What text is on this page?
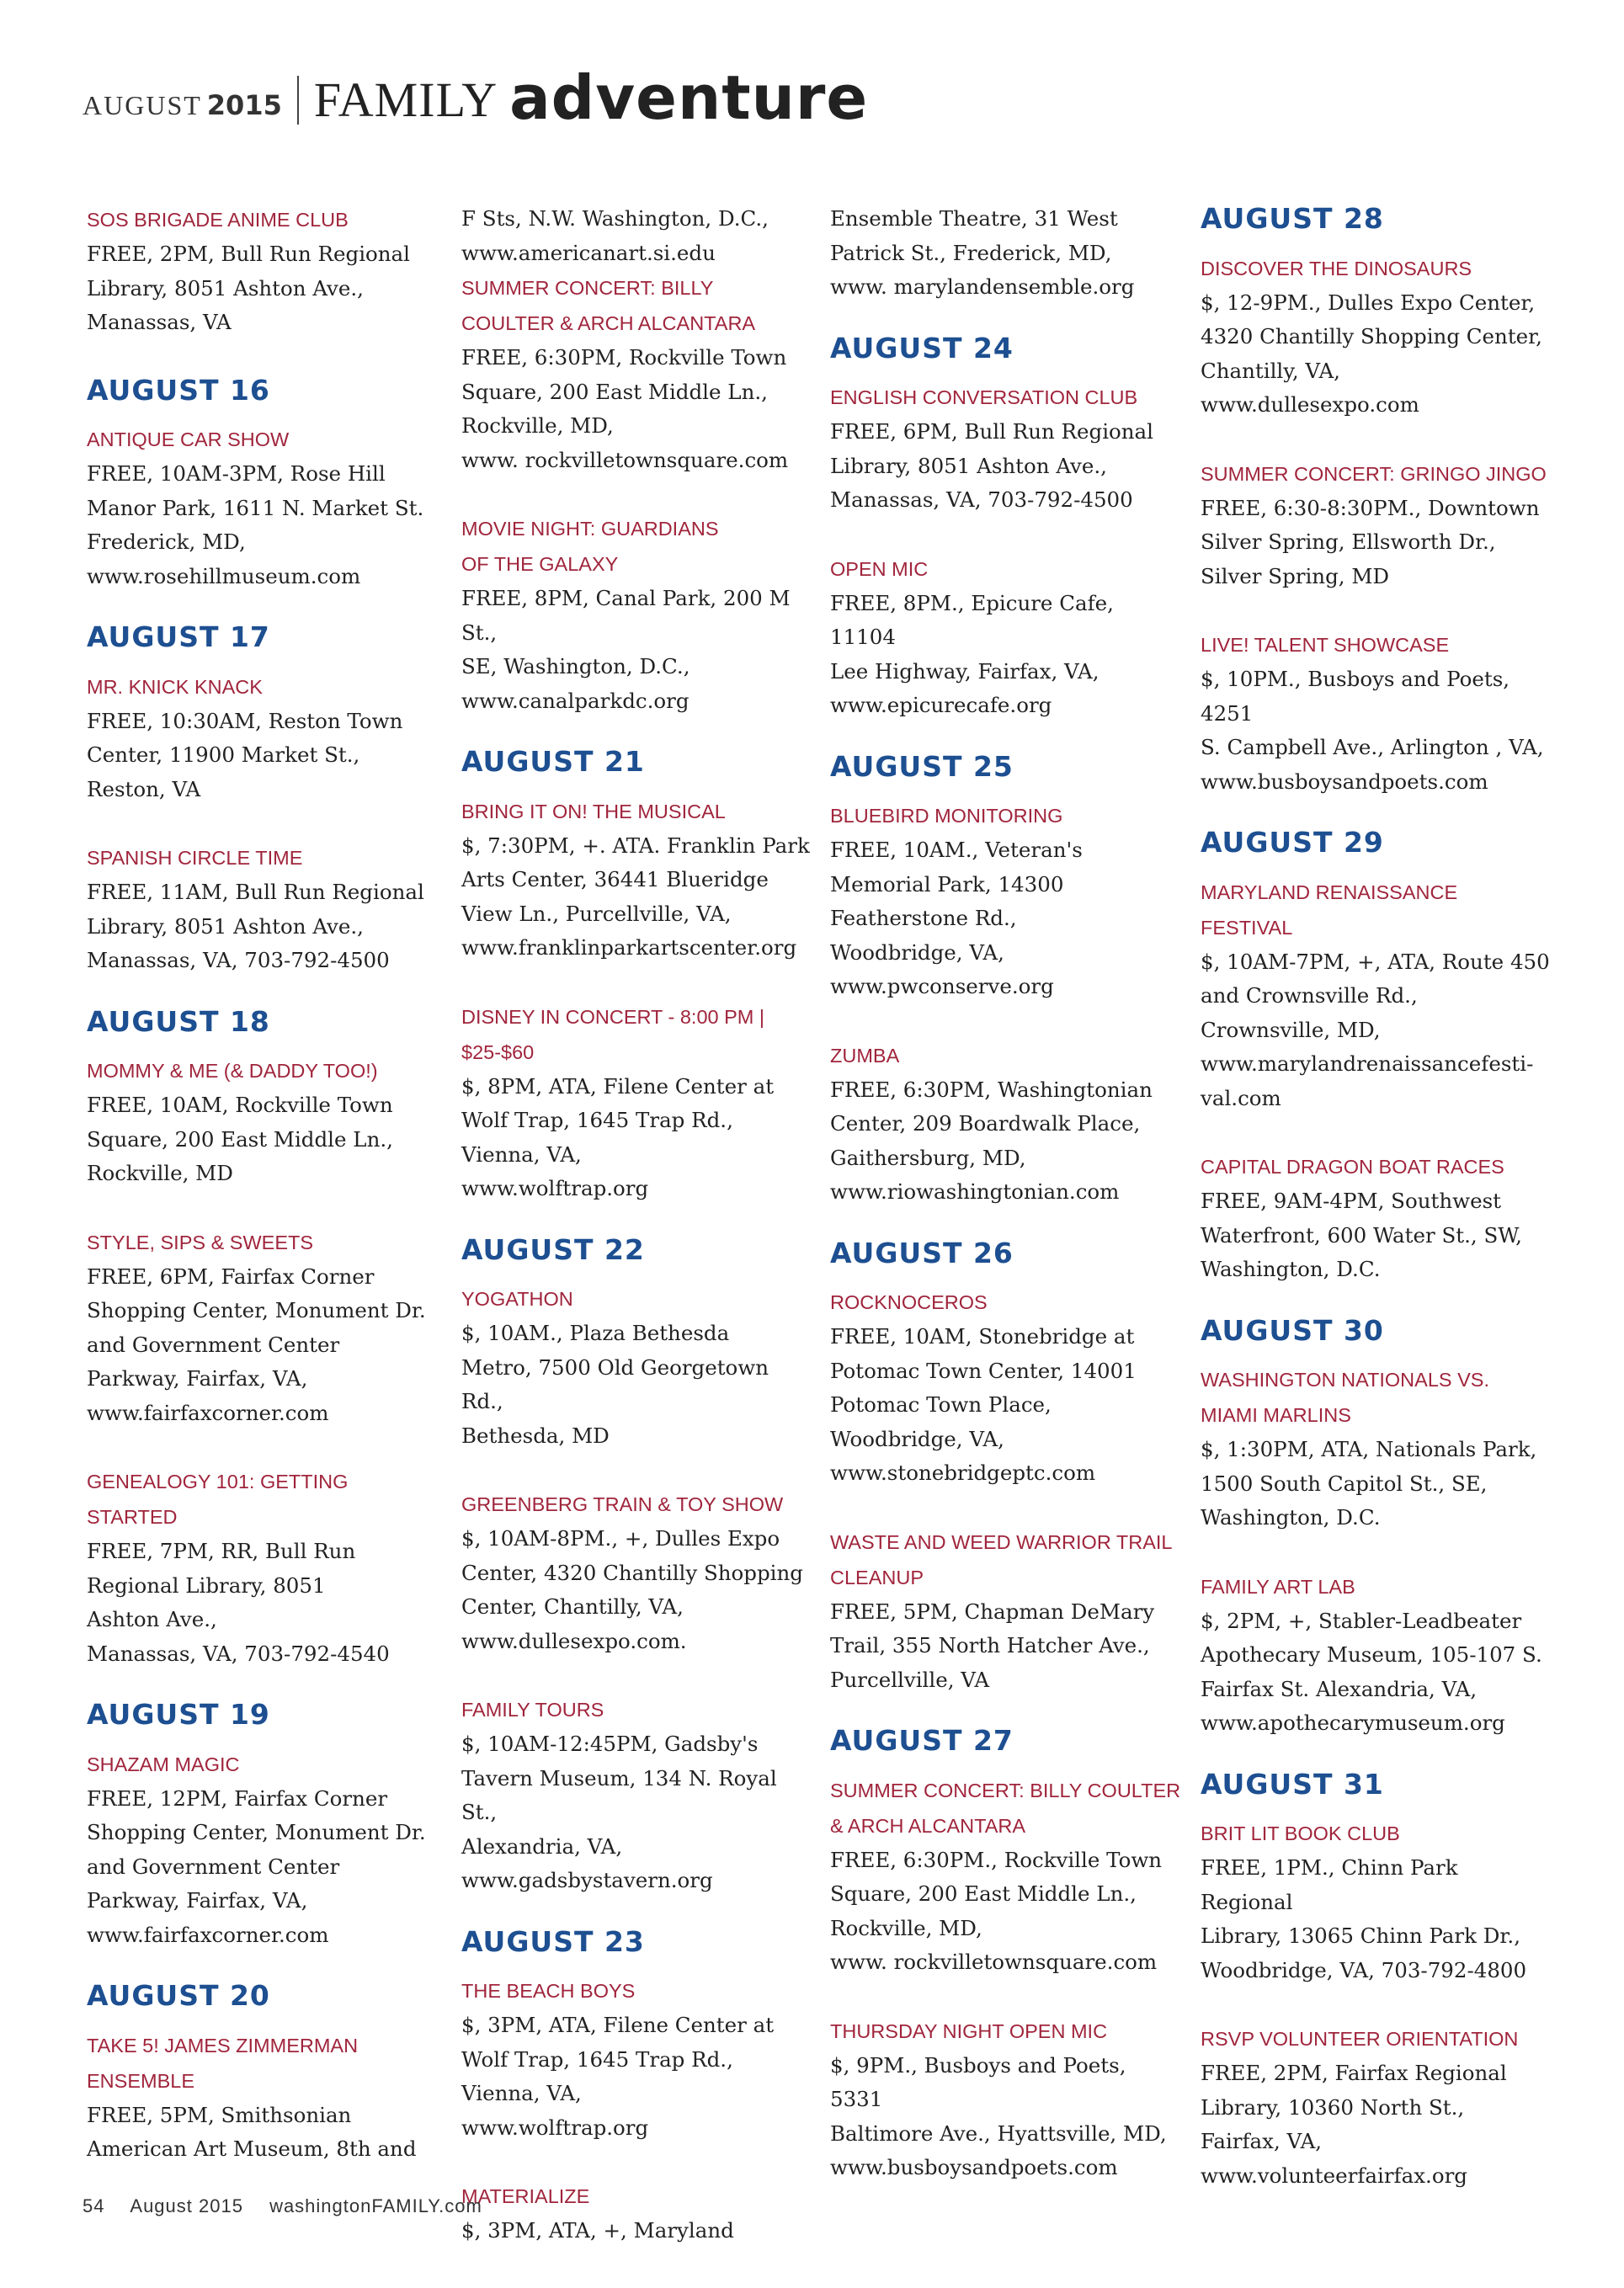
AUGUST 2015 FAMILY adventure
SOS BRIGADE ANIME CLUB
FREE, 2PM, Bull Run Regional
Library, 8051 Ashton Ave.,
Manassas, VA
AUGUST 16
ANTIQUE CAR SHOW
FREE, 10AM-3PM, Rose Hill
Manor Park, 1611 N. Market St.
Frederick, MD,
www.rosehillmuseum.com
AUGUST 17
MR. KNICK KNACK
FREE, 10:30AM, Reston Town
Center, 11900 Market St.,
Reston, VA
SPANISH CIRCLE TIME
FREE, 11AM, Bull Run Regional
Library, 8051 Ashton Ave.,
Manassas, VA, 703-792-4500
AUGUST 18
MOMMY & ME (& DADDY TOO!)
FREE, 10AM, Rockville Town
Square, 200 East Middle Ln.,
Rockville, MD
STYLE, SIPS & SWEETS
FREE, 6PM, Fairfax Corner
Shopping Center, Monument Dr.
and Government Center
Parkway, Fairfax, VA,
www.fairfaxcorner.com
GENEALOGY 101: GETTING STARTED
FREE, 7PM, RR, Bull Run
Regional Library, 8051
Ashton Ave.,
Manassas, VA, 703-792-4540
AUGUST 19
SHAZAM MAGIC
FREE, 12PM, Fairfax Corner
Shopping Center, Monument Dr.
and Government Center
Parkway, Fairfax, VA,
www.fairfaxcorner.com
AUGUST 20
TAKE 5! JAMES ZIMMERMAN
ENSEMBLE
FREE, 5PM, Smithsonian
American Art Museum, 8th and
F Sts, N.W. Washington, D.C.,
www.americanart.si.edu
SUMMER CONCERT: BILLY
COULTER & ARCH ALCANTARA
FREE, 6:30PM, Rockville Town
Square, 200 East Middle Ln.,
Rockville, MD,
www. rockvilletownsquare.com
MOVIE NIGHT: GUARDIANS
OF THE GALAXY
FREE, 8PM, Canal Park, 200 M St.,
SE, Washington, D.C.,
www.canalparkdc.org
AUGUST 21
BRING IT ON! THE MUSICAL
$, 7:30PM, +. ATA. Franklin Park
Arts Center, 36441 Blueridge
View Ln., Purcellville, VA,
www.franklinparkartscenter.org
DISNEY IN CONCERT - 8:00 PM |
$25-$60
$, 8PM, ATA, Filene Center at
Wolf Trap, 1645 Trap Rd.,
Vienna, VA,
www.wolftrap.org
AUGUST 22
YOGATHON
$, 10AM., Plaza Bethesda
Metro, 7500 Old Georgetown Rd.,
Bethesda, MD
GREENBERG TRAIN & TOY SHOW
$, 10AM-8PM., +, Dulles Expo
Center, 4320 Chantilly Shopping
Center, Chantilly, VA,
www.dullesexpo.com.
FAMILY TOURS
$, 10AM-12:45PM, Gadsby's
Tavern Museum, 134 N. Royal St.,
Alexandria, VA,
www.gadsbystavern.org
AUGUST 23
THE BEACH BOYS
$, 3PM, ATA, Filene Center at
Wolf Trap, 1645 Trap Rd.,
Vienna, VA,
www.wolftrap.org
MATERIALIZE
$, 3PM, ATA, +, Maryland
Ensemble Theatre, 31 West
Patrick St., Frederick, MD,
www. marylandensemble.org
AUGUST 24
ENGLISH CONVERSATION CLUB
FREE, 6PM, Bull Run Regional
Library, 8051 Ashton Ave.,
Manassas, VA, 703-792-4500
OPEN MIC
FREE, 8PM., Epicure Cafe, 11104
Lee Highway, Fairfax, VA,
www.epicurecafe.org
AUGUST 25
BLUEBIRD MONITORING
FREE, 10AM., Veteran's
Memorial Park, 14300
Featherstone Rd.,
Woodbridge, VA,
www.pwconserve.org
ZUMBA
FREE, 6:30PM, Washingtonian
Center, 209 Boardwalk Place,
Gaithersburg, MD,
www.riowashingtonian.com
AUGUST 26
ROCKNOCEROS
FREE, 10AM, Stonebridge at
Potomac Town Center, 14001
Potomac Town Place,
Woodbridge, VA,
www.stonebridgeptc.com
WASTE AND WEED WARRIOR TRAIL
CLEANUP
FREE, 5PM, Chapman DeMary
Trail, 355 North Hatcher Ave.,
Purcellville, VA
AUGUST 27
SUMMER CONCERT: BILLY COULTER
& ARCH ALCANTARA
FREE, 6:30PM., Rockville Town
Square, 200 East Middle Ln.,
Rockville, MD,
www. rockvilletownsquare.com
THURSDAY NIGHT OPEN MIC
$, 9PM., Busboys and Poets, 5331
Baltimore Ave., Hyattsville, MD,
www.busboysandpoets.com
AUGUST 28
DISCOVER THE DINOSAURS
$, 12-9PM., Dulles Expo Center,
4320 Chantilly Shopping Center,
Chantilly, VA,
www.dullesexpo.com
SUMMER CONCERT: GRINGO JINGO
FREE, 6:30-8:30PM., Downtown
Silver Spring, Ellsworth Dr.,
Silver Spring, MD
LIVE! TALENT SHOWCASE
$, 10PM., Busboys and Poets, 4251
S. Campbell Ave., Arlington , VA,
www.busboysandpoets.com
AUGUST 29
MARYLAND RENAISSANCE
FESTIVAL
$, 10AM-7PM, +, ATA, Route 450
and Crownsville Rd.,
Crownsville, MD,
www.marylandrenaissancefesti-
val.com
CAPITAL DRAGON BOAT RACES
FREE, 9AM-4PM, Southwest
Waterfront, 600 Water St., SW,
Washington, D.C.
AUGUST 30
WASHINGTON NATIONALS VS.
MIAMI MARLINS
$, 1:30PM, ATA, Nationals Park,
1500 South Capitol St., SE,
Washington, D.C.
FAMILY ART LAB
$, 2PM, +, Stabler-Leadbeater
Apothecary Museum, 105-107 S.
Fairfax St. Alexandria, VA,
www.apothecarymuseum.org
AUGUST 31
BRIT LIT BOOK CLUB
FREE, 1PM., Chinn Park Regional
Library, 13065 Chinn Park Dr.,
Woodbridge, VA, 703-792-4800
RSVP VOLUNTEER ORIENTATION
FREE, 2PM, Fairfax Regional
Library, 10360 North St.,
Fairfax, VA,
www.volunteerfairfax.org
54 August 2015 washingtonFAMILY.com
